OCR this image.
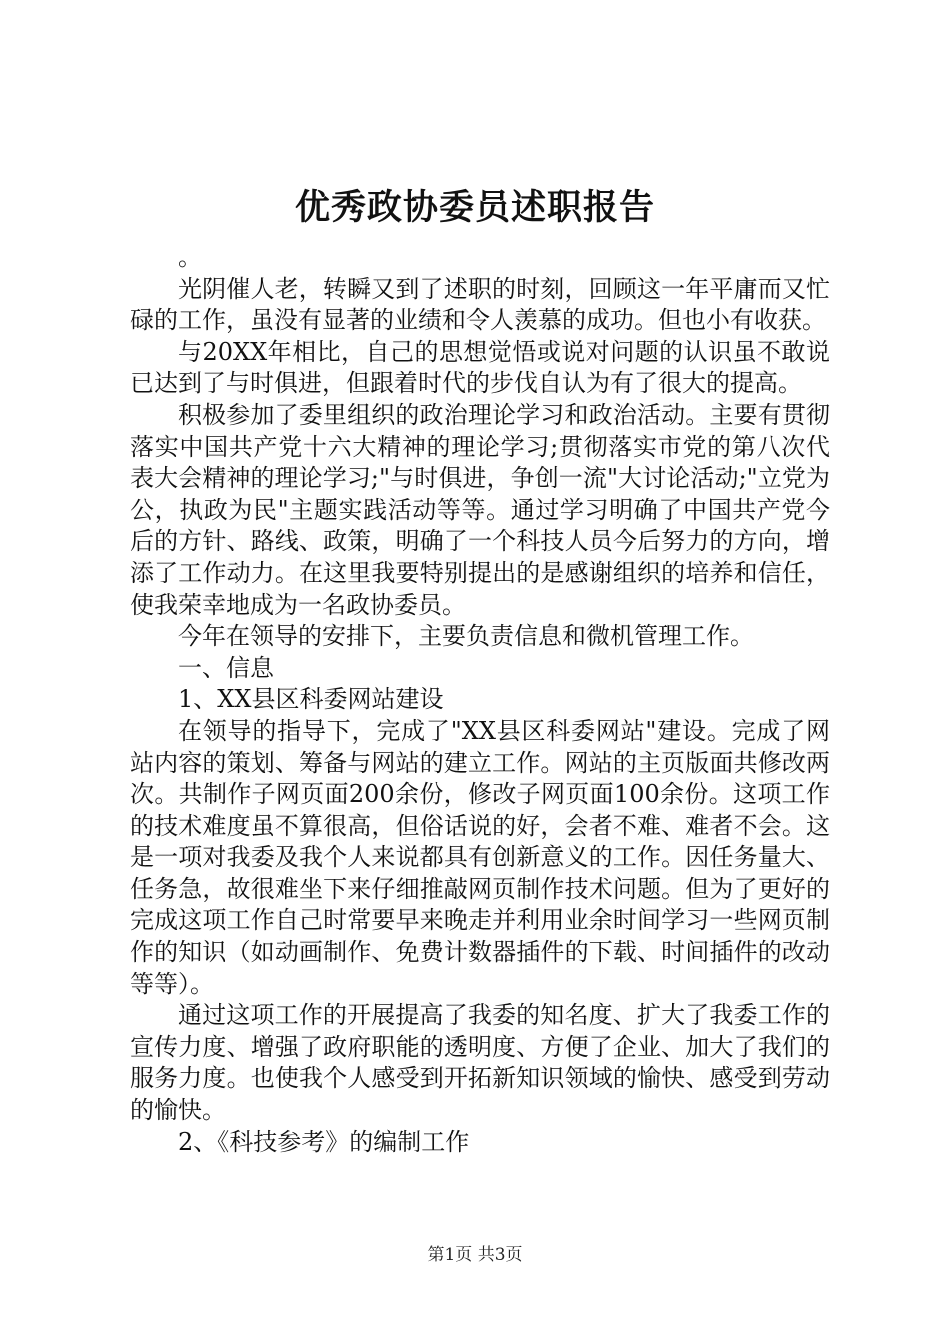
优秀政协委员述职报告

。

光阴催人老，转瞬又到了述职的时刻，回顾这一年平庸而又忙碌的工作，虽没有显著的业绩和令人羡慕的成功。但也小有收获。

与20XX年相比，自己的思想觉悟或说对问题的认识虽不敢说已达到了与时俱进，但跟着时代的步伐自认为有了很大的提高。

积极参加了委里组织的政治理论学习和政治活动。主要有贯彻落实中国共产党十六大精神的理论学习;贯彻落实市党的第八次代表大会精神的理论学习;"与时俱进，争创一流"大讨论活动;"立党为公，执政为民"主题实践活动等等。通过学习明确了中国共产党今后的方针、路线、政策，明确了一个科技人员今后努力的方向，增添了工作动力。在这里我要特别提出的是感谢组织的培养和信任，使我荣幸地成为一名政协委员。

今年在领导的安排下，主要负责信息和微机管理工作。

一、信息

1、XX县区科委网站建设

在领导的指导下，完成了"XX县区科委网站"建设。完成了网站内容的策划、筹备与网站的建立工作。网站的主页版面共修改两次。共制作子网页面200余份，修改子网页面100余份。这项工作的技术难度虽不算很高，但俗话说的好，会者不难、难者不会。这是一项对我委及我个人来说都具有创新意义的工作。因任务量大、任务急，故很难坐下来仔细推敲网页制作技术问题。但为了更好的完成这项工作自己时常要早来晚走并利用业余时间学习一些网页制作的知识（如动画制作、免费计数器插件的下载、时间插件的改动等等）。

通过这项工作的开展提高了我委的知名度、扩大了我委工作的宣传力度、增强了政府职能的透明度、方便了企业、加大了我们的服务力度。也使我个人感受到开拓新知识领域的愉快、感受到劳动的愉快。

2、《科技参考》的编制工作

第1页 共3页
